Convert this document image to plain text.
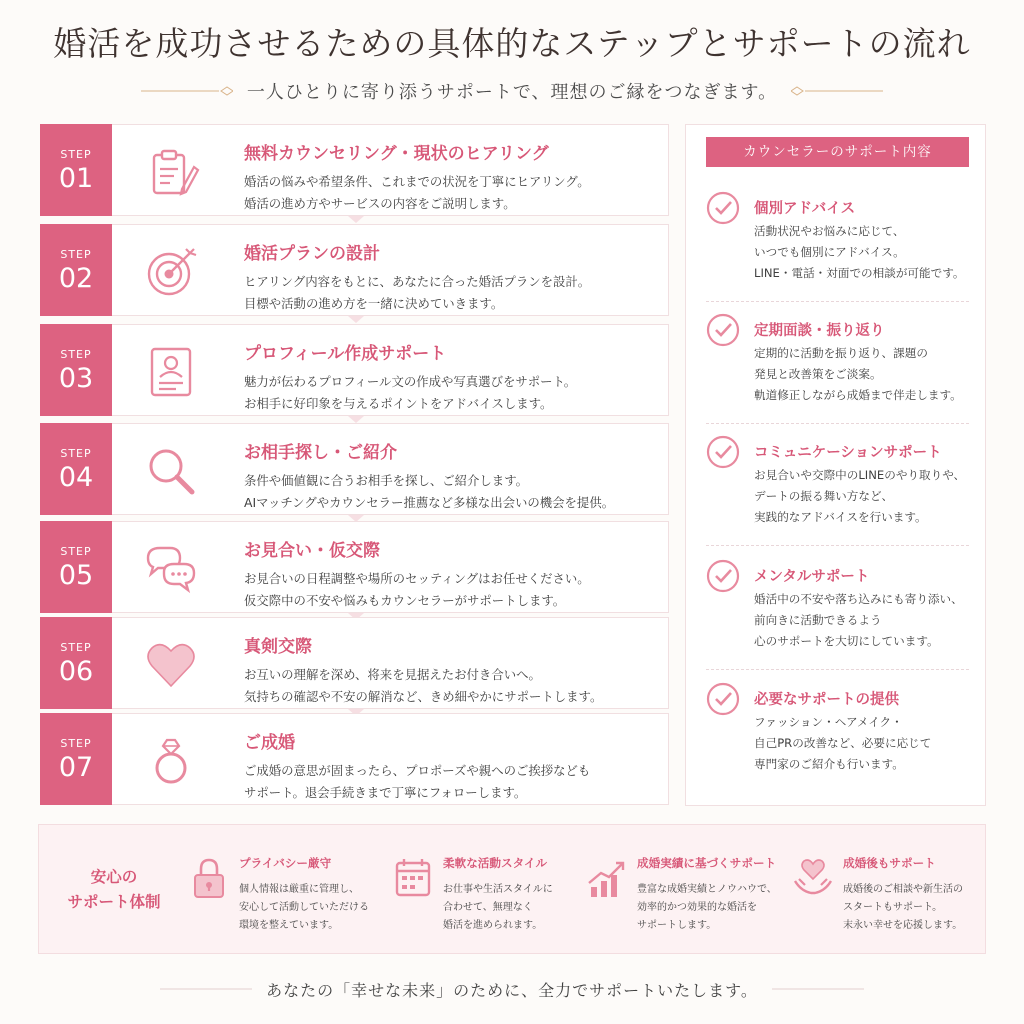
婚活を成功させるための具体的なステップとサポートの流れ
一人ひとりに寄り添うサポートで、理想のご縁をつなぎます。
STEP
01
無料カウンセリング・現状のヒアリング
婚活の悩みや希望条件、これまでの状況を丁寧にヒアリング。
婚活の進め方やサービスの内容をご説明します。
STEP
02
婚活プランの設計
ヒアリング内容をもとに、あなたに合った婚活プランを設計。
目標や活動の進め方を一緒に決めていきます。
STEP
03
プロフィール作成サポート
魅力が伝わるプロフィール文の作成や写真選びをサポート。
お相手に好印象を与えるポイントをアドバイスします。
STEP
04
お相手探し・ご紹介
条件や価値観に合うお相手を探し、ご紹介します。
AIマッチングやカウンセラー推薦など多様な出会いの機会を提供。
STEP
05
お見合い・仮交際
お見合いの日程調整や場所のセッティングはお任せください。
仮交際中の不安や悩みもカウンセラーがサポートします。
STEP
06
真剣交際
お互いの理解を深め、将来を見据えたお付き合いへ。
気持ちの確認や不安の解消など、きめ細やかにサポートします。
STEP
07
ご成婚
ご成婚の意思が固まったら、プロポーズや親へのご挨拶なども
サポート。退会手続きまで丁寧にフォローします。
カウンセラーのサポート内容
個別アドバイス
活動状況やお悩みに応じて、
いつでも個別にアドバイス。
LINE・電話・対面での相談が可能です。
定期面談・振り返り
定期的に活動を振り返り、課題の
発見と改善策をご淡案。
軌道修正しながら成婚まで伴走します。
コミュニケーションサポート
お見合いや交際中のLINEのやり取りや、
デートの振る舞い方など、
実践的なアドバイスを行います。
メンタルサポート
婚活中の不安や落ち込みにも寄り添い、
前向きに活動できるよう
心のサポートを大切にしています。
必要なサポートの提供
ファッション・ヘアメイク・
自己PRの改善など、必要に応じて
専門家のご紹介も行います。
安心の
サポート体制
プライバシー厳守
個人情報は厳重に管理し、
安心して活動していただける
環境を整えています。
柔軟な活動スタイル
お仕事や生活スタイルに
合わせて、無理なく
婚活を進められます。
成婚実績に基づくサポート
豊富な成婚実績とノウハウで、
効率的かつ効果的な婚活を
サポートします。
成婚後もサポート
成婚後のご相談や新生活の
スタートもサポート。
末永い幸せを応援します。
あなたの「幸せな未来」のために、全力でサポートいたします。
